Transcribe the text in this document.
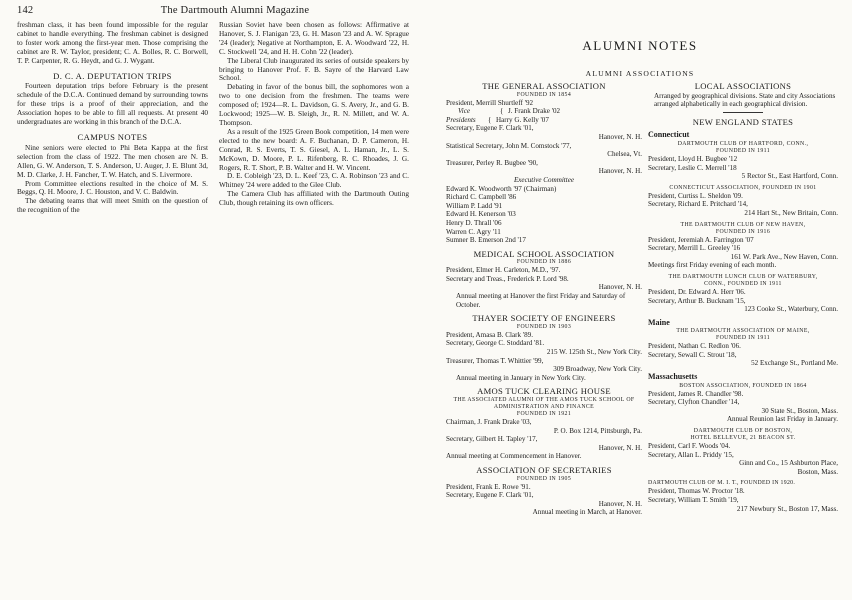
142	The Dartmouth Alumni Magazine

freshman class, it has been found impossible for the regular cabinet to handle everything. The freshman cabinet is designed to foster work among the first-year men. Those comprising the cabinet are R. W. Taylor, president; C. A. Bolles, R. C. Borwell, T. P. Carpenter, R. G. Heydt, and G. J. Wygant.

D. C. A. DEPUTATION TRIPS

Fourteen deputation trips before February is the present schedule of the D.C.A. Continued demand by surrounding towns for these trips is a proof of their appreciation, and the Association hopes to be able to fill all requests. At present 40 undergraduates are working in this branch of the D.C.A.

CAMPUS NOTES

Nine seniors were elected to Phi Beta Kappa at the first selection from the class of 1922. The men chosen are N. B. Allen, G. W. Anderson, T. S. Anderson, U. Auger, J. E. Blunt 3d, M. D. Clarke, J. H. Fancher, T. W. Hatch, and S. Livermore.

Prom Committee elections resulted in the choice of M. S. Beggs, Q. H. Moore, J. C. Houston, and V. C. Baldwin.

The debating teams that will meet Smith on the question of the recognition of the

Russian Soviet have been chosen as follows: Affirmative at Hanover, S. J. Flanigan '23, G. H. Mason '23 and A. W. Sprague '24 (leader); Negative at Northampton, E. A. Woodward '22, H. C. Stockwell '24, and H. H. Cohn '22 (leader).

The Liberal Club inaugurated its series of outside speakers by bringing to Hanover Prof. F. B. Sayre of the Harvard Law School.

Debating in favor of the bonus bill, the sophomores won a two to one decision from the freshmen. The teams were composed of; 1924—R. L. Davidson, G. S. Avery, Jr., and G. B. Lockwood; 1925—W. B. Sleigh, Jr., R. N. Millett, and W. A. Thompson.

As a result of the 1925 Green Book competition, 14 men were elected to the new board: A. F. Buchanan, D. P. Cameron, H. Conrad, R. S. Everts, T. S. Giesel, A. L. Haman, Jr., L. S. McKown, D. Moore, P. L. Rifenberg, R. C. Rhoades, J. G. Rogers, R. T. Short, P. B. Walter and H. W. Vincent.

D. E. Cobleigh '23, D. L. Keef '23, C. A. Robinson '23 and C. Whitney '24 were added to the Glee Club.

The Camera Club has affiliated with the Dartmouth Outing Club, though retaining its own officers.

ALUMNI NOTES
ALUMNI ASSOCIATIONS
THE GENERAL ASSOCIATION
FOUNDED IN 1854
President, Merrill Shurtleff '92
Vice	{ J. Frank Drake '02
Presidents { Harry G. Kelly '07
Secretary, Eugene F. Clark '01,
Hanover, N. H.
Statistical Secretary, John M. Comstock '77,
Chelsea, Vt.
Treasurer, Perley R. Bugbee '90,
Hanover, N. H.
Executive Committee
Edward K. Woodworth '97 (Chairman)
Richard C. Campbell '86
William P. Ladd '91
Edward H. Kenerson '03
Henry D. Thrall '06
Warren C. Agry '11
Sumner B. Emerson 2nd '17
MEDICAL SCHOOL ASSOCIATION
FOUNDED IN 1886
President, Elmer H. Carleton, M.D., '97.
Secretary and Treas., Frederick P. Lord '98.
Hanover, N. H.
Annual meeting at Hanover the first Friday and Saturday of October.
THAYER SOCIETY OF ENGINEERS
FOUNDED IN 1903
President, Amasa B. Clark '89.
Secretary, George C. Stoddard '81.
215 W. 125th St., New York City.
Treasurer, Thomas T. Whittier '99,
309 Broadway, New York City.
Annual meeting in January in New York City.
AMOS TUCK CLEARING HOUSE
THE ASSOCIATED ALUMNI OF THE AMOS TUCK SCHOOL OF ADMINISTRATION AND FINANCE
FOUNDED IN 1921
Chairman, J. Frank Drake '03,
P. O. Box 1214, Pittsburgh, Pa.
Secretary, Gilbert H. Tapley '17,
Hanover, N. H.
Annual meeting at Commencement in Hanover.
ASSOCIATION OF SECRETARIES
FOUNDED IN 1905
President, Frank E. Rowe '91.
Secretary, Eugene F. Clark '01,
Hanover, N. H.
Annual meeting in March, at Hanover.
LOCAL ASSOCIATIONS
Arranged by geographical divisions. State and city Associations arranged alphabetically in each geographical division.
NEW ENGLAND STATES
Connecticut
DARTMOUTH CLUB OF HARTFORD, CONN.,
FOUNDED IN 1911
President, Lloyd H. Bugbee '12
Secretary, Leslie C. Merrell '18
5 Rector St., East Hartford, Conn.
CONNECTICUT ASSOCIATION, FOUNDED IN 1901
President, Curtiss L. Sheldon '09.
Secretary, Richard E. Pritchard '14,
214 Hart St., New Britain, Conn.
THE DARTMOUTH CLUB OF NEW HAVEN,
FOUNDED IN 1916
President, Jeremiah A. Farrington '07
Secretary, Merrill L. Greeley '16
161 W. Park Ave., New Haven, Conn.
Meetings first Friday evening of each month.
THE DARTMOUTH LUNCH CLUB OF WATERBURY,
CONN., FOUNDED IN 1911
President, Dr. Edward A. Herr '06.
Secretary, Arthur B. Bucknam '15,
123 Cooke St., Waterbury, Conn.
Maine
THE DARTMOUTH ASSOCIATION OF MAINE,
FOUNDED IN 1911
President, Nathan C. Redlon '06.
Secretary, Sewall C. Strout '18,
52 Exchange St., Portland Me.
Massachusetts
BOSTON ASSOCIATION, FOUNDED IN 1864
President, James R. Chandler '98.
Secretary, Clyfton Chandler '14,
30 State St., Boston, Mass.
Annual Reunion last Friday in January.
DARTMOUTH CLUB OF BOSTON,
HOTEL BELLEVUE, 21 BEACON ST.
President, Carl F. Woods '04.
Secretary, Allan L. Priddy '15,
Ginn and Co., 15 Ashburton Place,
Boston, Mass.
DARTMOUTH CLUB OF M. I. T., FOUNDED IN 1920.
President, Thomas W. Proctor '18.
Secretary, William T. Smith '19,
217 Newbury St., Boston 17, Mass.
